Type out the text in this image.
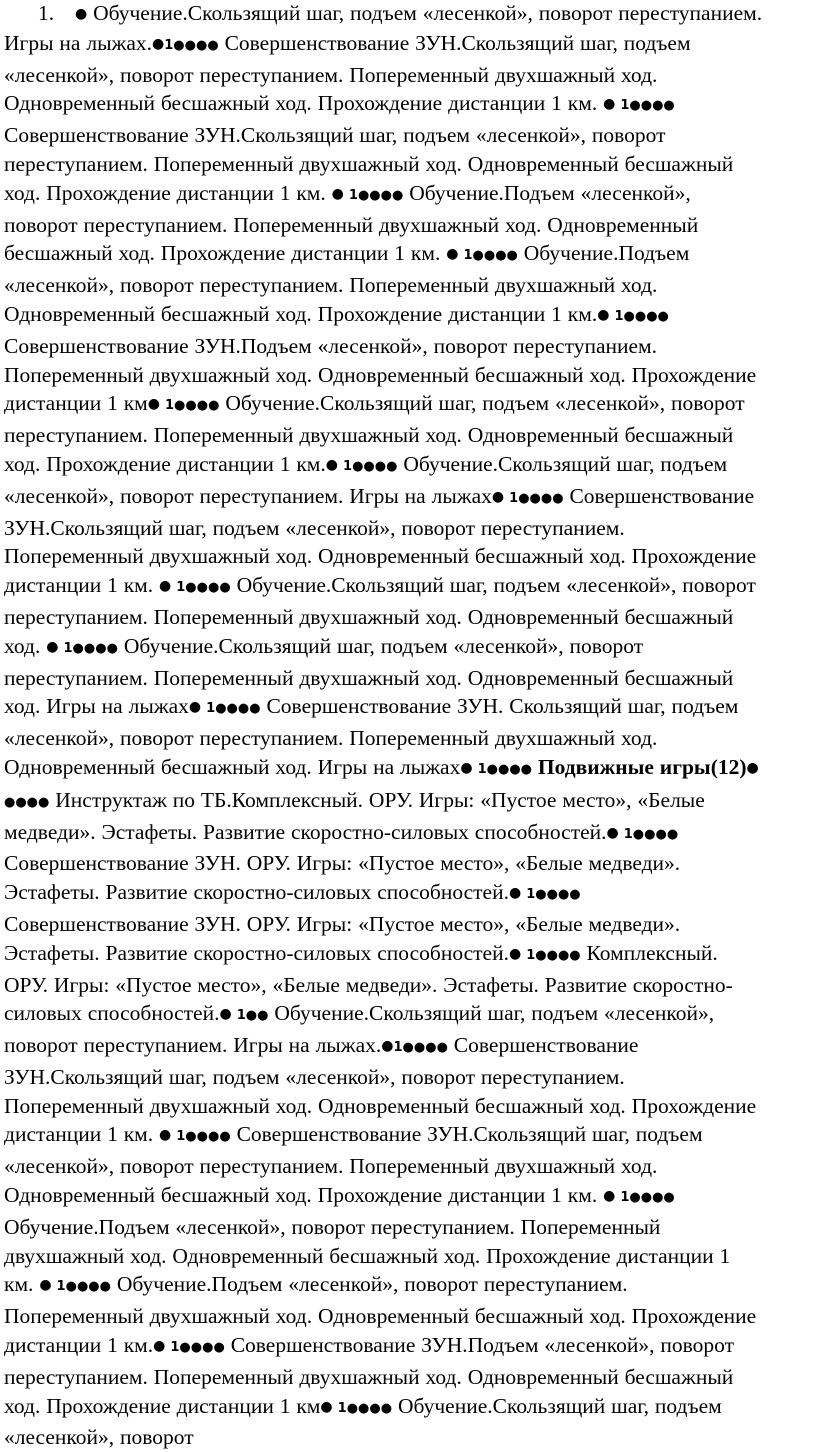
1. ● Обучение.Скользящий шаг, подъем «лесенкой», поворот переступанием. Игры на лыжах.●1●●●● Совершенствование ЗУН.Скользящий шаг, подъем «лесенкой», поворот переступанием. Попеременный двухшажный ход. Одновременный бесшажный ход. Прохождение дистанции 1 км. ● 1●●●● Совершенствование ЗУН.Скользящий шаг, подъем «лесенкой», поворот переступанием. Попеременный двухшажный ход. Одновременный бесшажный ход. Прохождение дистанции 1 км. ● 1●●●● Обучение.Подъем «лесенкой», поворот переступанием. Попеременный двухшажный ход. Одновременный бесшажный ход. Прохождение дистанции 1 км. ● 1●●●● Обучение.Подъем «лесенкой», поворот переступанием. Попеременный двухшажный ход. Одновременный бесшажный ход. Прохождение дистанции 1 км.● 1●●●● Совершенствование ЗУН.Подъем «лесенкой», поворот переступанием. Попеременный двухшажный ход. Одновременный бесшажный ход. Прохождение дистанции 1 км● 1●●●● Обучение.Скользящий шаг, подъем «лесенкой», поворот переступанием. Попеременный двухшажный ход. Одновременный бесшажный ход. Прохождение дистанции 1 км.● 1●●●● Обучение.Скользящий шаг, подъем «лесенкой», поворот переступанием. Игры на лыжах● 1●●●● Совершенствование ЗУН.Скользящий шаг, подъем «лесенкой», поворот переступанием. Попеременный двухшажный ход. Одновременный бесшажный ход. Прохождение дистанции 1 км. ● 1●●●● Обучение.Скользящий шаг, подъем «лесенкой», поворот переступанием. Попеременный двухшажный ход. Одновременный бесшажный ход. ● 1●●●● Обучение.Скользящий шаг, подъем «лесенкой», поворот переступанием. Попеременный двухшажный ход. Одновременный бесшажный ход. Игры на лыжах● 1●●●● Совершенствование ЗУН. Скользящий шаг, подъем «лесенкой», поворот переступанием. Попеременный двухшажный ход. Одновременный бесшажный ход. Игры на лыжах● 1●●●● Подвижные игры(12)● ●●●● Инструктаж по ТБ.Комплексный. ОРУ. Игры: «Пустое место», «Белые медведи». Эстафеты. Развитие скоростно-силовых способностей.● 1●●●● Совершенствование ЗУН. ОРУ. Игры: «Пустое место», «Белые медведи». Эстафеты. Развитие скоростно-силовых способностей.● 1●●●● Совершенствование ЗУН. ОРУ. Игры: «Пустое место», «Белые медведи». Эстафеты. Развитие скоростно-силовых способностей.● 1●●●● Комплексный. ОРУ. Игры: «Пустое место», «Белые медведи». Эстафеты. Развитие скоростно-силовых способностей.● 1●● Обучение.Скользящий шаг, подъем «лесенкой», поворот переступанием. Игры на лыжах.●1●●●● Совершенствование ЗУН.Скользящий шаг, подъем «лесенкой», поворот переступанием. Попеременный двухшажный ход. Одновременный бесшажный ход. Прохождение дистанции 1 км. ● 1●●●● Совершенствование ЗУН.Скользящий шаг, подъем «лесенкой», поворот переступанием. Попеременный двухшажный ход. Одновременный бесшажный ход. Прохождение дистанции 1 км. ● 1●●●● Обучение.Подъем «лесенкой», поворот переступанием. Попеременный двухшажный ход. Одновременный бесшажный ход. Прохождение дистанции 1 км. ● 1●●●● Обучение.Подъем «лесенкой», поворот переступанием. Попеременный двухшажный ход. Одновременный бесшажный ход. Прохождение дистанции 1 км.● 1●●●● Совершенствование ЗУН.Подъем «лесенкой», поворот переступанием. Попеременный двухшажный ход. Одновременный бесшажный ход. Прохождение дистанции 1 км● 1●●●● Обучение.Скользящий шаг, подъем «лесенкой», поворот
